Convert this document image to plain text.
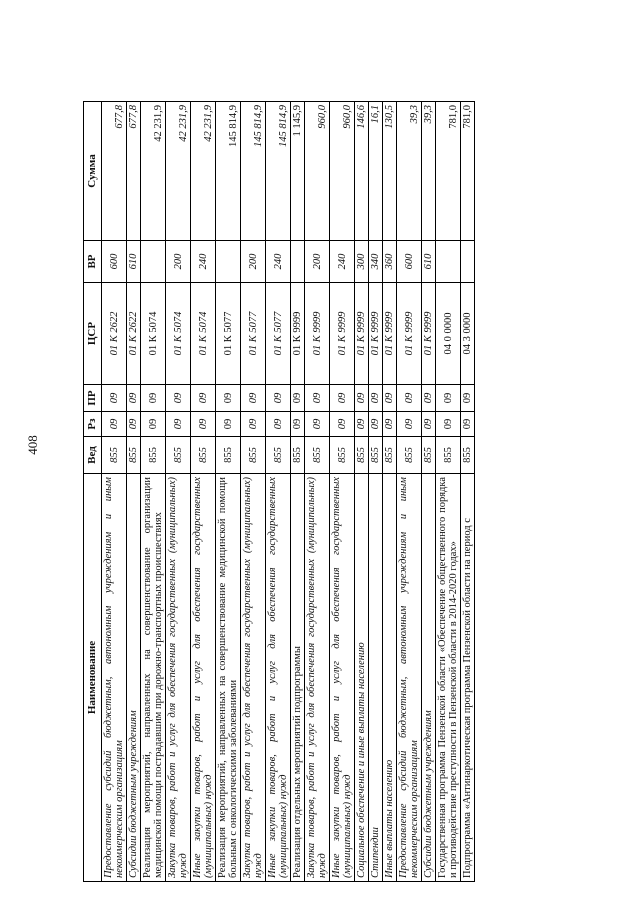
408
Наименование	Вед	Рз	ПР	ЦСР	ВР	Сумма
Предоставление субсидий бюджетным, автономным учреждениям и иным некоммерческим организациям	855	09	09	01 К 2622	600	677,8
Субсидии бюджетным учреждениям	855	09	09	01 К 2622	610	677,8
Реализация мероприятий, направленных на совершенствование организации медицинской помощи пострадавшим при дорожно-транспортных происшествиях	855	09	09	01 К 5074		42 231,9
Закупка товаров, работ и услуг для обеспечения государственных (муниципальных) нужд	855	09	09	01 К 5074	200	42 231,9
Иные закупки товаров, работ и услуг для обеспечения государственных (муниципальных) нужд	855	09	09	01 К 5074	240	42 231,9
Реализация мероприятий, направленных на совершенствование медицинской помощи больным с онкологическими заболеваниями	855	09	09	01 К 5077		145 814,9
Закупка товаров, работ и услуг для обеспечения государственных (муниципальных) нужд	855	09	09	01 К 5077	200	145 814,9
Иные закупки товаров, работ и услуг для обеспечения государственных (муниципальных) нужд	855	09	09	01 К 5077	240	145 814,9
Реализация отдельных мероприятий подпрограммы	855	09	09	01 К 9999		1 145,9
Закупка товаров, работ и услуг для обеспечения государственных (муниципальных) нужд	855	09	09	01 К 9999	200	960,0
Иные закупки товаров, работ и услуг для обеспечения государственных (муниципальных) нужд	855	09	09	01 К 9999	240	960,0
Социальное обеспечение и иные выплаты населению	855	09	09	01 К 9999	300	146,6
Стипендии	855	09	09	01 К 9999	340	16,1
Иные выплаты населению	855	09	09	01 К 9999	360	130,5
Предоставление субсидий бюджетным, автономным учреждениям и иным некоммерческим организациям	855	09	09	01 К 9999	600	39,3
Субсидии бюджетным учреждениям	855	09	09	01 К 9999	610	39,3
Государственная программа Пензенской области «Обеспечение общественного порядка и противодействие преступности в Пензенской области в 2014-2020 годах»	855	09	09	04 0 0000		781,0
Подпрограмма «Антинаркотическая программа Пензенской области на период с	855	09	09	04 3 0000		781,0
